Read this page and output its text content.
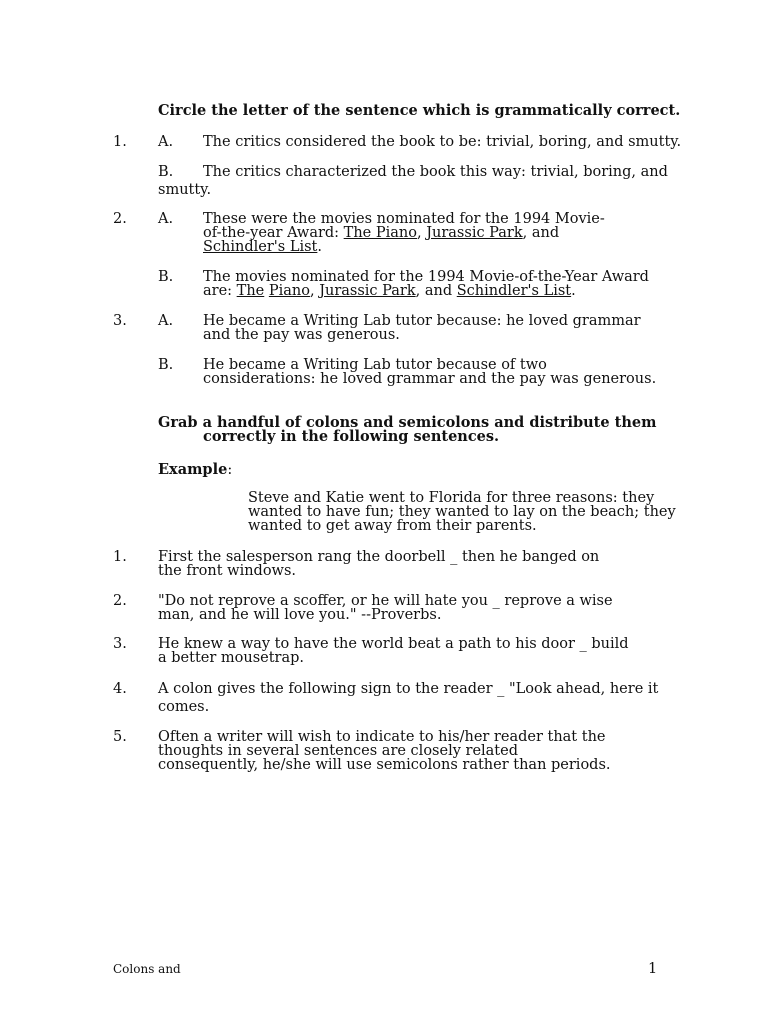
Circle the letter of the sentence which is grammatically correct.
1. A. The critics considered the book to be: trivial, boring, and smutty.
B. The critics characterized the book this way: trivial, boring, and
smutty.
2. A. These were the movies nominated for the 1994 Movie-
of-the-year Award: The Piano, Jurassic Park, and
Schindler's List.
B. The movies nominated for the 1994 Movie-of-the-Year Award
are: The Piano, Jurassic Park, and Schindler's List.
3. A. He became a Writing Lab tutor because: he loved grammar
and the pay was generous.
B. He became a Writing Lab tutor because of two
considerations: he loved grammar and the pay was generous.
Grab a handful of colons and semicolons and distribute them
correctly in the following sentences.
Example:
Steve and Katie went to Florida for three reasons: they
wanted to have fun; they wanted to lay on the beach; they
wanted to get away from their parents.
1. First the salesperson rang the doorbell _ then he banged on
the front windows.
2. "Do not reprove a scoffer, or he will hate you _ reprove a wise
man, and he will love you." --Proverbs.
3. He knew a way to have the world beat a path to his door _ build
a better mousetrap.
4. A colon gives the following sign to the reader _ "Look ahead, here it
comes.
5. Often a writer will wish to indicate to his/her reader that the
thoughts in several sentences are closely related
consequently, he/she will use semicolons rather than periods.
Colons and	1
